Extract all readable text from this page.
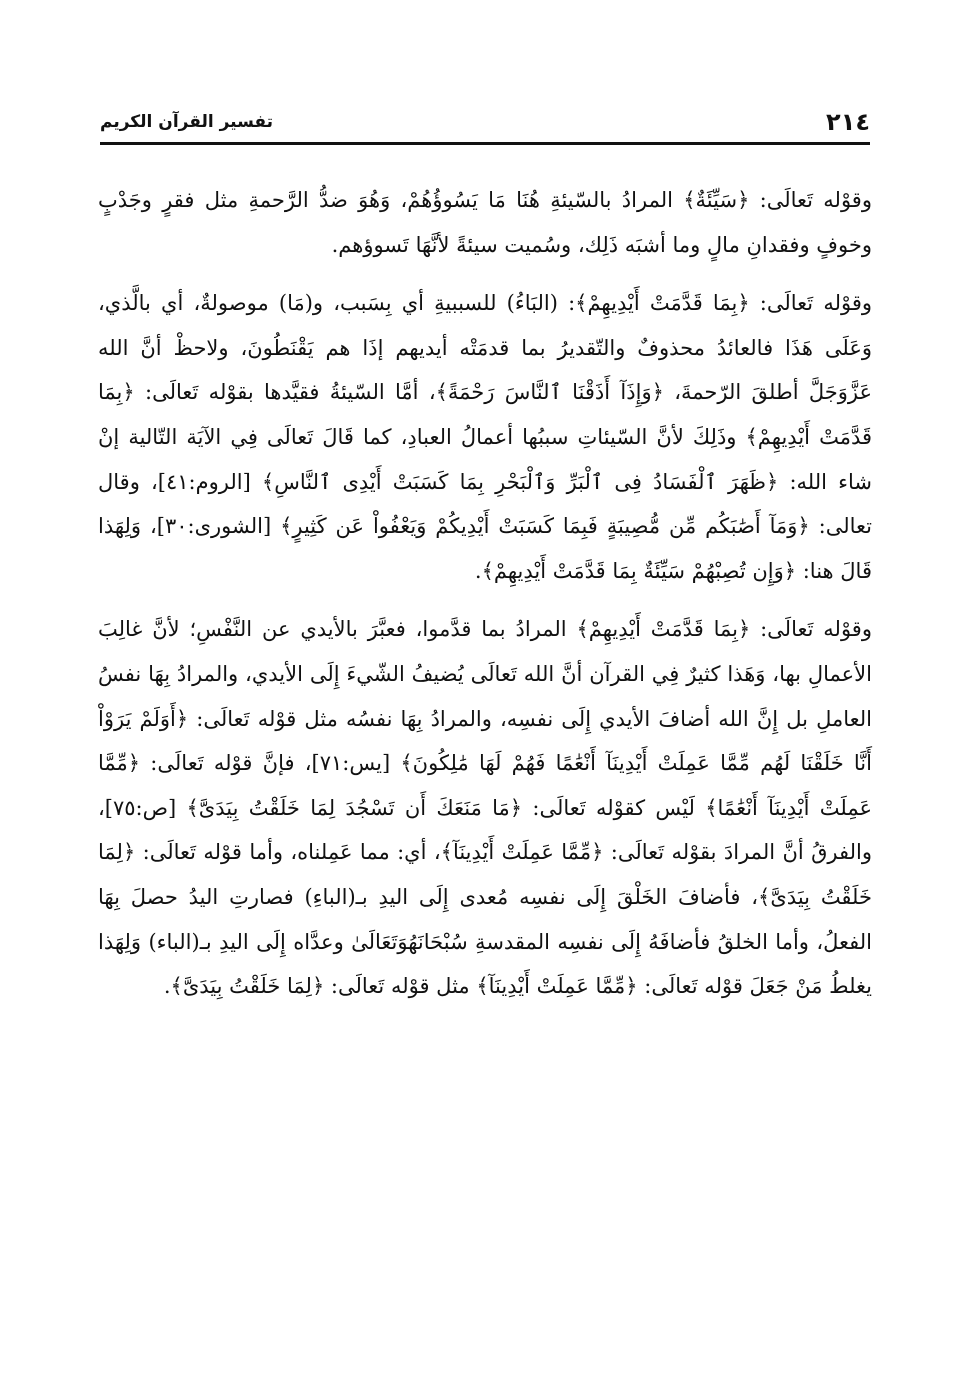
٢١٤
تفسير القرآن الكريم

وقوْله تَعالَى: ﴿سَيِّئَةٌ﴾ المرادُ بالسّيئةِ هُنَا مَا يَسُوؤُهُمْ، وَهُوَ ضدُّ الرَّحمةِ مثل فقرٍ وجَدْبٍ وخوفٍ وفقدانِ مالٍ وما أشبَه ذَلِك، وسُميت سيئةً لأنَّهَا تَسوؤهم.

وقوْله تَعالَى: ﴿بِمَا قَدَّمَتْ أَيْدِيهِمْ﴾: (البَاءُ) للسببيةِ أي بِسَبب، و(مَا) موصولةٌ، أي بالَّذي، وَعَلَى هَذَا فالعائدُ محذوفٌ والتّقديرُ بما قدمَتْه أيديهم إذَا هم يَقْنَطُونَ، ولاحظْ أنَّ الله عَزَّوَجَلَّ أطلقَ الرّحمةَ، ﴿وَإِذَآ أَذَقْنَا ٱلنَّاسَ رَحْمَةً﴾، أمَّا السّيئةُ فقيَّدها بقوْله تَعالَى: ﴿بِمَا قَدَّمَتْ أَيْدِيهِمْ﴾ وذَلِكَ لأنَّ السّيئاتِ سببُها أعمالُ العبادِ، كما قَالَ تَعالَى فِي الآيَة التّالية إنْ شاء الله: ﴿ظَهَرَ ٱلْفَسَادُ فِى ٱلْبَرِّ وَٱلْبَحْرِ بِمَا كَسَبَتْ أَيْدِى ٱلنَّاسِ﴾ [الروم:٤١]، وقال تعالى: ﴿وَمَآ أَصَٰبَكُم مِّن مُّصِيبَةٍ فَبِمَا كَسَبَتْ أَيْدِيكُمْ وَيَعْفُواْ عَن كَثِيرٍ﴾ [الشورى:٣٠]، وَلِهَذا قَالَ هنا: ﴿وَإِن تُصِبْهُمْ سَيِّئَةٌ بِمَا قَدَّمَتْ أَيْدِيهِمْ﴾.

وقوْله تَعالَى: ﴿بِمَا قَدَّمَتْ أَيْدِيهِمْ﴾ المرادُ بما قدَّموا، فعبَّرَ بالأيدي عن النَّفْسِ؛ لأنَّ غالِبَ الأعمالِ بها، وَهَذا كثيرٌ فِي القرآن أنَّ الله تَعالَى يُضيفُ الشّيءَ إِلَى الأيدي، والمرادُ بِهَا نفسُ العاملِ بل إِنَّ الله أضافَ الأيدي إِلَى نفسِه، والمرادُ بِهَا نفسُه مثل قوْله تَعالَى: ﴿أَوَلَمْ يَرَوْاْ أَنَّا خَلَقْنَا لَهُم مِّمَّا عَمِلَتْ أَيْدِينَآ أَنْعَٰمًا فَهُمْ لَهَا مَٰلِكُونَ﴾ [يس:٧١]، فإنَّ قوْله تَعالَى: ﴿مِّمَّا عَمِلَتْ أَيْدِينَآ أَنْعَٰمًا﴾ لَيْس كقوْله تَعالَى: ﴿مَا مَنَعَكَ أَن تَسْجُدَ لِمَا خَلَقْتُ بِيَدَىَّ﴾ [ص:٧٥]، والفرقُ أنَّ المرادَ بقوْله تَعالَى: ﴿مِّمَّا عَمِلَتْ أَيْدِينَآ﴾، أي: مما عَمِلناه، وأما قوْله تَعالَى: ﴿لِمَا خَلَقْتُ بِيَدَىَّ﴾، فأضافَ الخَلْقَ إِلَى نفسِه مُعدى إِلَى اليدِ بـ(الباءِ) فصارتِ اليدُ حصلَ بِهَا الفعلُ، وأما الخلقُ فأضافَهُ إِلَى نفسِه المقدسةِ سُبْحَانَهُوَتَعَالَىٰ وعدَّاه إِلَى اليدِ بـ(الباء) وَلِهَذا يغلطُ مَنْ جَعَلَ قوْله تَعالَى: ﴿مِّمَّا عَمِلَتْ أَيْدِينَآ﴾ مثل قوْله تَعالَى: ﴿لِمَا خَلَقْتُ بِيَدَىَّ﴾.
